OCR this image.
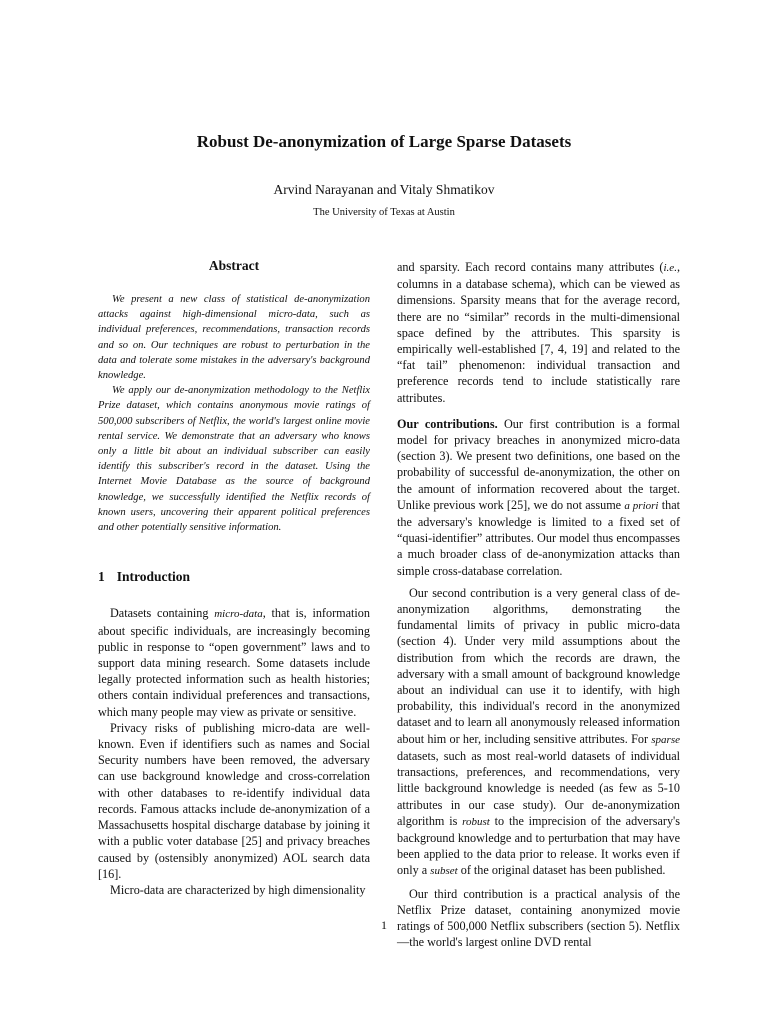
Robust De-anonymization of Large Sparse Datasets
Arvind Narayanan and Vitaly Shmatikov
The University of Texas at Austin
Abstract

We present a new class of statistical de-anonymization attacks against high-dimensional micro-data, such as individual preferences, recommendations, transaction records and so on. Our techniques are robust to perturbation in the data and tolerate some mistakes in the adversary's background knowledge.

We apply our de-anonymization methodology to the Netflix Prize dataset, which contains anonymous movie ratings of 500,000 subscribers of Netflix, the world's largest online movie rental service. We demonstrate that an adversary who knows only a little bit about an individual subscriber can easily identify this subscriber's record in the dataset. Using the Internet Movie Database as the source of background knowledge, we successfully identified the Netflix records of known users, uncovering their apparent political preferences and other potentially sensitive information.

1 Introduction

Datasets containing micro-data, that is, information about specific individuals, are increasingly becoming public in response to “open government” laws and to support data mining research. Some datasets include legally protected information such as health histories; others contain individual preferences and transactions, which many people may view as private or sensitive.

Privacy risks of publishing micro-data are well-known. Even if identifiers such as names and Social Security numbers have been removed, the adversary can use background knowledge and cross-correlation with other databases to re-identify individual data records. Famous attacks include de-anonymization of a Massachusetts hospital discharge database by joining it with a public voter database [25] and privacy breaches caused by (ostensibly anonymized) AOL search data [16].

Micro-data are characterized by high dimensionality

and sparsity. Each record contains many attributes (i.e., columns in a database schema), which can be viewed as dimensions. Sparsity means that for the average record, there are no “similar” records in the multi-dimensional space defined by the attributes. This sparsity is empirically well-established [7, 4, 19] and related to the “fat tail” phenomenon: individual transaction and preference records tend to include statistically rare attributes.

Our contributions. Our first contribution is a formal model for privacy breaches in anonymized micro-data (section 3). We present two definitions, one based on the probability of successful de-anonymization, the other on the amount of information recovered about the target. Unlike previous work [25], we do not assume a priori that the adversary's knowledge is limited to a fixed set of “quasi-identifier” attributes. Our model thus encompasses a much broader class of de-anonymization attacks than simple cross-database correlation.

Our second contribution is a very general class of de-anonymization algorithms, demonstrating the fundamental limits of privacy in public micro-data (section 4). Under very mild assumptions about the distribution from which the records are drawn, the adversary with a small amount of background knowledge about an individual can use it to identify, with high probability, this individual's record in the anonymized dataset and to learn all anonymously released information about him or her, including sensitive attributes. For sparse datasets, such as most real-world datasets of individual transactions, preferences, and recommendations, very little background knowledge is needed (as few as 5-10 attributes in our case study). Our de-anonymization algorithm is robust to the imprecision of the adversary's background knowledge and to perturbation that may have been applied to the data prior to release. It works even if only a subset of the original dataset has been published.

Our third contribution is a practical analysis of the Netflix Prize dataset, containing anonymized movie ratings of 500,000 Netflix subscribers (section 5). Netflix—the world's largest online DVD rental

1
